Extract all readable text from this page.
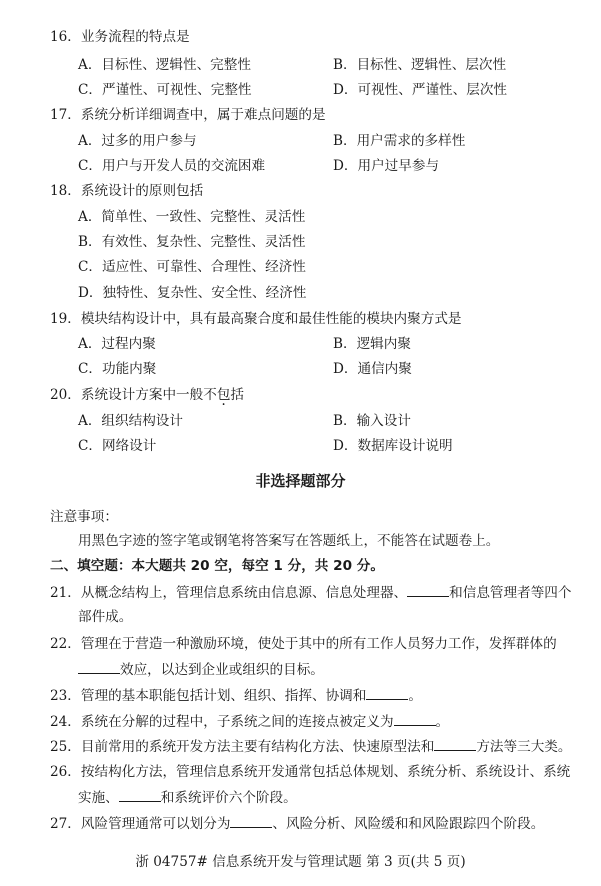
16．业务流程的特点是
A．目标性、逻辑性、完整性	B．目标性、逻辑性、层次性
C．严谨性、可视性、完整性	D．可视性、严谨性、层次性
17．系统分析详细调查中，属于难点问题的是
A．过多的用户参与	B．用户需求的多样性
C．用户与开发人员的交流困难	D．用户过早参与
18．系统设计的原则包括
A．简单性、一致性、完整性、灵活性
B．有效性、复杂性、完整性、灵活性
C．适应性、可靠性、合理性、经济性
D．独特性、复杂性、安全性、经济性
19．模块结构设计中，具有最高聚合度和最佳性能的模块内聚方式是
A．过程内聚	B．逻辑内聚
C．功能内聚	D．通信内聚
20．系统设计方案中一般不包括
A．组织结构设计	B．输入设计
C．网络设计	D．数据库设计说明
非选择题部分
注意事项：
用黑色字迹的签字笔或钢笔将答案写在答题纸上，不能答在试题卷上。
二、填空题：本大题共 20 空，每空 1 分，共 20 分。
21．从概念结构上，管理信息系统由信息源、信息处理器、	和信息管理者等四个
部件成。
22．管理在于营造一种激励环境，使处于其中的所有工作人员努力工作，发挥群体的
效应，以达到企业或组织的目标。
23．管理的基本职能包括计划、组织、指挥、协调和	。
24．系统在分解的过程中，子系统之间的连接点被定义为	。
25．目前常用的系统开发方法主要有结构化方法、快速原型法和	方法等三大类。
26．按结构化方法，管理信息系统开发通常包括总体规划、系统分析、系统设计、系统
实施、	和系统评价六个阶段。
27．风险管理通常可以划分为	、风险分析、风险缓和和风险跟踪四个阶段。
浙 04757# 信息系统开发与管理试题 第 3 页(共 5 页)
